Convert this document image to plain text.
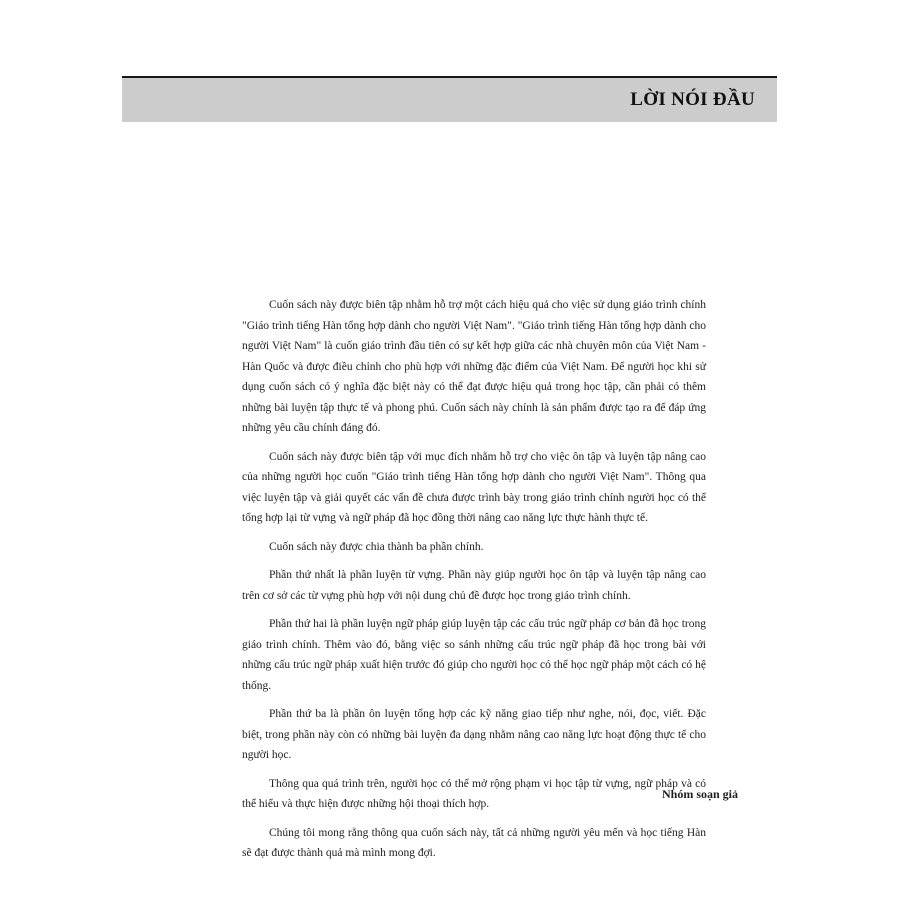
LỜI NÓI ĐẦU

Cuốn sách này được biên tập nhằm hỗ trợ một cách hiệu quả cho việc sử dụng giáo trình chính "Giáo trình tiếng Hàn tổng hợp dành cho người Việt Nam". "Giáo trình tiếng Hàn tổng hợp dành cho người Việt Nam" là cuốn giáo trình đầu tiên có sự kết hợp giữa các nhà chuyên môn của Việt Nam - Hàn Quốc và được điều chỉnh cho phù hợp với những đặc điểm của Việt Nam. Để người học khi sử dụng cuốn sách có ý nghĩa đặc biệt này có thể đạt được hiệu quả trong học tập, cần phải có thêm những bài luyện tập thực tế và phong phú. Cuốn sách này chính là sản phẩm được tạo ra để đáp ứng những yêu cầu chính đáng đó.

Cuốn sách này được biên tập với mục đích nhằm hỗ trợ cho việc ôn tập và luyện tập nâng cao của những người học cuốn "Giáo trình tiếng Hàn tổng hợp dành cho người Việt Nam". Thông qua việc luyện tập và giải quyết các vấn đề chưa được trình bày trong giáo trình chính người học có thể tổng hợp lại từ vựng và ngữ pháp đã học đồng thời nâng cao năng lực thực hành thực tế.

Cuốn sách này được chia thành ba phần chính.

Phần thứ nhất là phần luyện từ vựng. Phần này giúp người học ôn tập và luyện tập nâng cao trên cơ sở các từ vựng phù hợp với nội dung chủ đề được học trong giáo trình chính.

Phần thứ hai là phần luyện ngữ pháp giúp luyện tập các cấu trúc ngữ pháp cơ bản đã học trong giáo trình chính. Thêm vào đó, bằng việc so sánh những cấu trúc ngữ pháp đã học trong bài với những cấu trúc ngữ pháp xuất hiện trước đó giúp cho người học có thể học ngữ pháp một cách có hệ thống.

Phần thứ ba là phần ôn luyện tổng hợp các kỹ năng giao tiếp như nghe, nói, đọc, viết. Đặc biệt, trong phần này còn có những bài luyện đa dạng nhằm nâng cao năng lực hoạt động thực tế cho người học.

Thông qua quá trình trên, người học có thể mở rộng phạm vi học tập từ vựng, ngữ pháp và có thể hiểu và thực hiện được những hội thoại thích hợp.

Chúng tôi mong rằng thông qua cuốn sách này, tất cả những người yêu mến và học tiếng Hàn sẽ đạt được thành quả mà mình mong đợi.

Nhóm soạn giả
